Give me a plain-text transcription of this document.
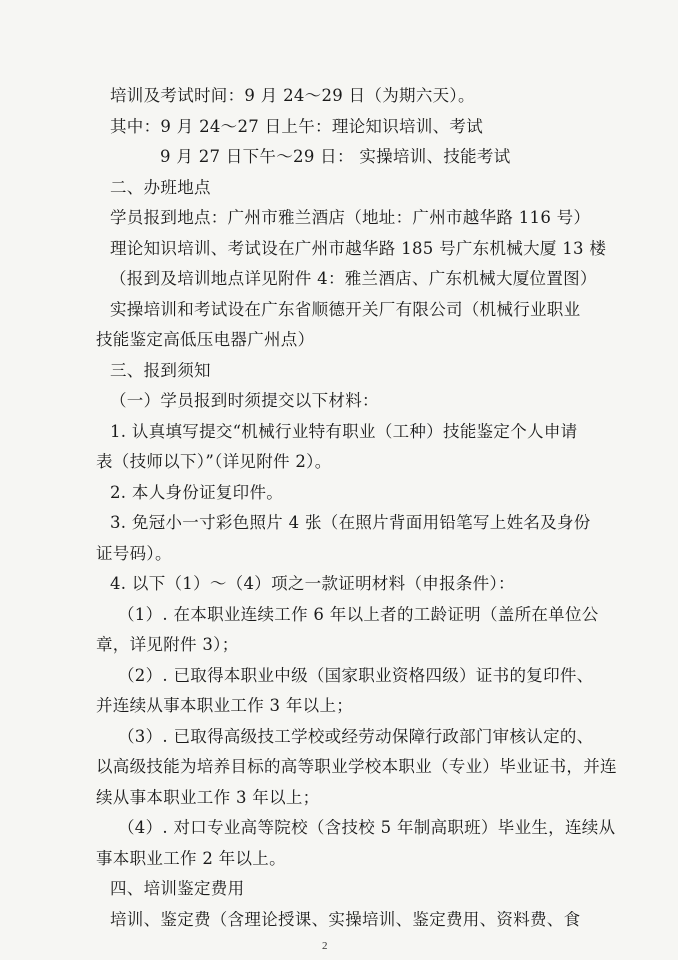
培训及考试时间：9 月 24～29 日（为期六天）。
其中：9 月 24～27 日上午：理论知识培训、考试
9 月 27 日下午～29 日： 实操培训、技能考试
二、办班地点
学员报到地点：广州市雅兰酒店（地址：广州市越华路 116 号）
理论知识培训、考试设在广州市越华路 185 号广东机械大厦 13 楼
（报到及培训地点详见附件 4：雅兰酒店、广东机械大厦位置图）
实操培训和考试设在广东省顺德开关厂有限公司（机械行业职业
技能鉴定高低压电器广州点）
三、报到须知
（一）学员报到时须提交以下材料：
1. 认真填写提交“机械行业特有职业（工种）技能鉴定个人申请
表（技师以下）”（详见附件 2）。
2. 本人身份证复印件。
3. 免冠小一寸彩色照片 4 张（在照片背面用铅笔写上姓名及身份
证号码）。
4. 以下（1）～（4）项之一款证明材料（申报条件）：
（1）. 在本职业连续工作 6 年以上者的工龄证明（盖所在单位公
章，详见附件 3）；
（2）. 已取得本职业中级（国家职业资格四级）证书的复印件、
并连续从事本职业工作 3 年以上；
（3）. 已取得高级技工学校或经劳动保障行政部门审核认定的、
以高级技能为培养目标的高等职业学校本职业（专业）毕业证书，并连
续从事本职业工作 3 年以上；
（4）. 对口专业高等院校（含技校 5 年制高职班）毕业生，连续从
事本职业工作 2 年以上。
四、培训鉴定费用
培训、鉴定费（含理论授课、实操培训、鉴定费用、资料费、食
2
